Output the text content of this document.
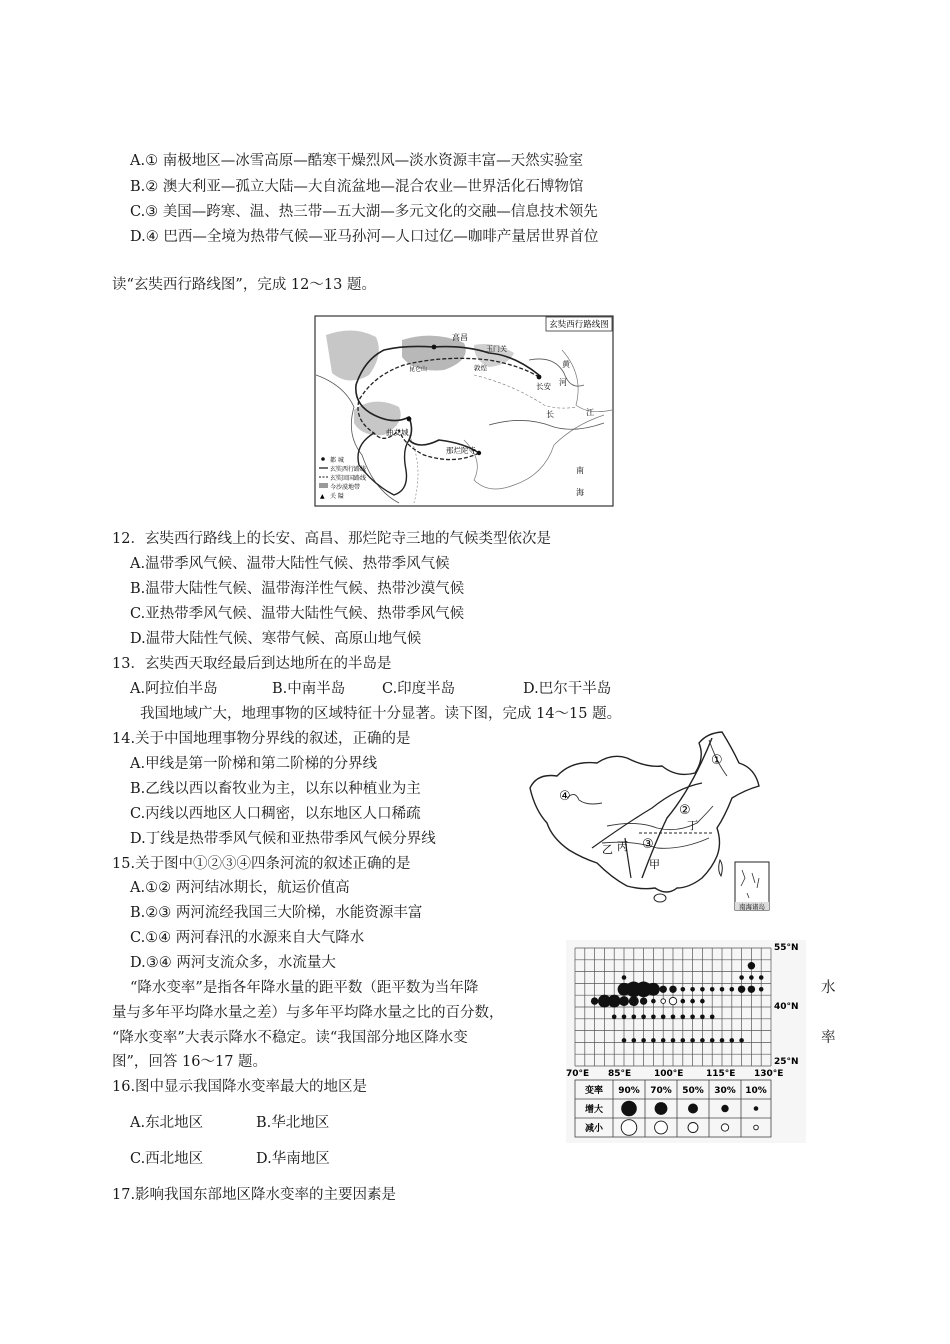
A.① 南极地区—冰雪高原—酷寒干燥烈风—淡水资源丰富—天然实验室
B.② 澳大利亚—孤立大陆—大自流盆地—混合农业—世界活化石博物馆
C.③ 美国—跨寒、温、热三带—五大湖—多元文化的交融—信息技术领先
D.④ 巴西—全境为热带气候—亚马孙河—人口过亿—咖啡产量居世界首位
读“玄奘西行路线图”，完成 12～13 题。
玄奘西行路线图
高昌
玉门关
长安
曲女城
那烂陀寺
敦煌
长	江
黄
河
南
海
昆仑山
都 城
玄奘西行路线
玄奘回国路线
今沙漠地带
▲ 关 隘
12．玄奘西行路线上的长安、高昌、那烂陀寺三地的气候类型依次是
A.温带季风气候、温带大陆性气候、热带季风气候
B.温带大陆性气候、温带海洋性气候、热带沙漠气候
C.亚热带季风气候、温带大陆性气候、热带季风气候
D.温带大陆性气候、寒带气候、高原山地气候
13．玄奘西天取经最后到达地所在的半岛是
A.阿拉伯半岛	B.中南半岛	C.印度半岛	D.巴尔干半岛
我国地域广大，地理事物的区域特征十分显著。读下图，完成 14～15 题。
14.关于中国地理事物分界线的叙述，正确的是
A.甲线是第一阶梯和第二阶梯的分界线
B.乙线以西以畜牧业为主，以东以种植业为主
C.丙线以西地区人口稠密，以东地区人口稀疏
D.丁线是热带季风气候和亚热带季风气候分界线
①
②
③
④
乙 丙
甲
丁
南海诸岛
15.关于图中①②③④四条河流的叙述正确的是
A.①② 两河结冰期长，航运价值高
B.②③ 两河流经我国三大阶梯，水能资源丰富
C.①④ 两河春汛的水源来自大气降水
D.③④ 两河支流众多，水流量大
“降水变率”是指各年降水量的距平数（距平数为当年降	水
量与多年平均降水量之差）与多年平均降水量之比的百分数，
“降水变率”大表示降水不稳定。读“我国部分地区降水变	率
图”，回答 16～17 题。
55°N
40°N
25°N
70°E 85°E	100°E	115°E 130°E
变率 90% 70% 50% 30% 10%
增大
减小
16.图中显示我国降水变率最大的地区是
A.东北地区	B.华北地区
C.西北地区	D.华南地区
17.影响我国东部地区降水变率的主要因素是
